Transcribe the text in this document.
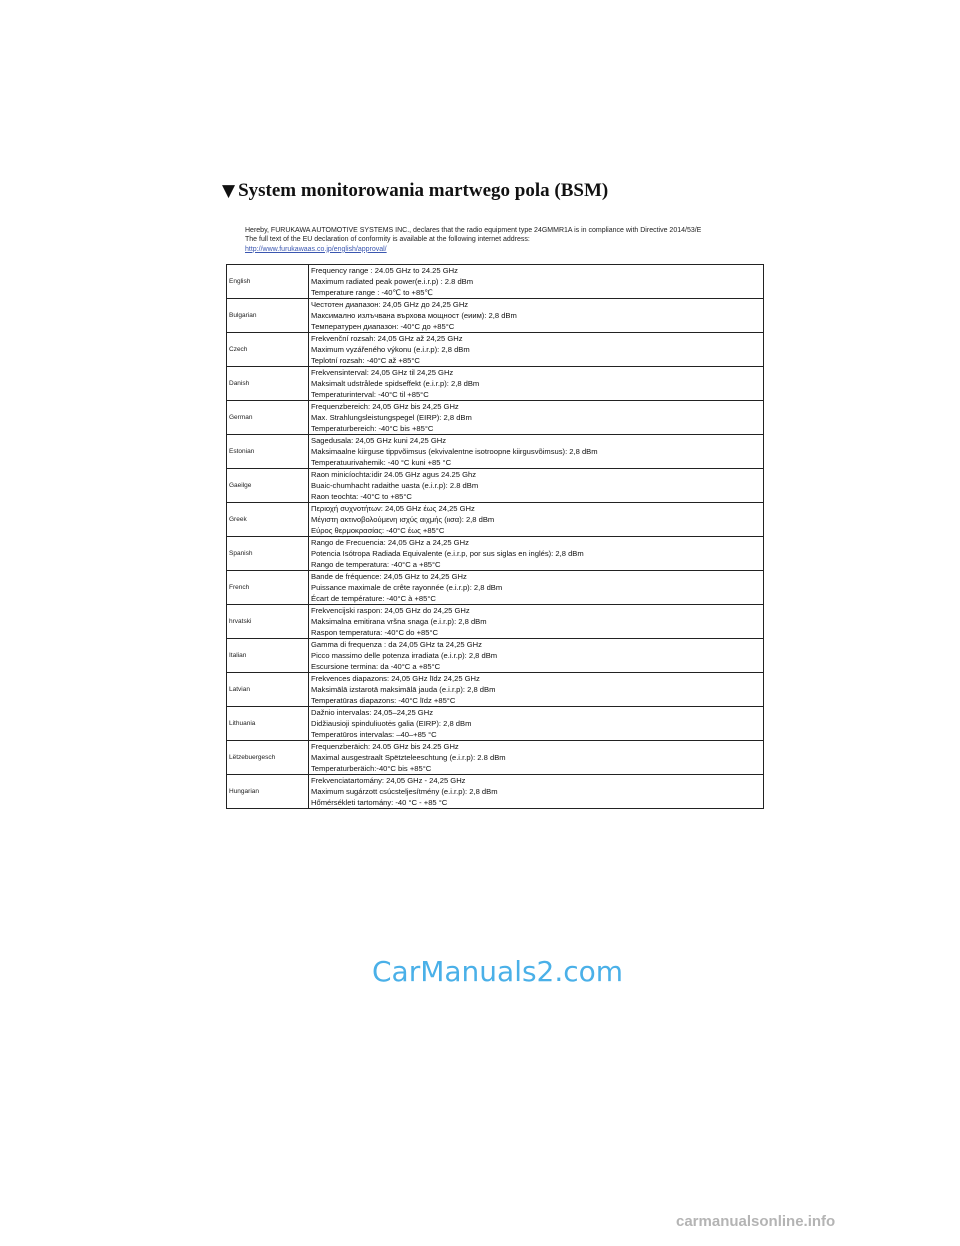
▼ System monitorowania martwego pola (BSM)
Hereby, FURUKAWA AUTOMOTIVE SYSTEMS INC., declares that the radio equipment type 24GMMR1A is in compliance with Directive 2014/53/E
The full text of the EU declaration of conformity is available at the following internet address:
http://www.furukawaas.co.jp/english/approval/
English	Frequency range : 24.05 GHz to 24.25 GHz
Maximum radiated peak power(e.i.r.p) : 2.8 dBm
Temperature range : -40℃ to +85℃

Bulgarian	Честотен диапазон: 24,05 GHz до 24,25 GHz
Максимално излъчвана върхова мощност (еиим): 2,8 dBm
Температурен диапазон: -40°C до +85°C

Czech	Frekvenční rozsah: 24,05 GHz až 24,25 GHz
Maximum vyzářeného výkonu (e.i.r.p): 2,8 dBm
Teplotní rozsah: -40°C až +85°C

Danish	Frekvensinterval: 24,05 GHz til 24,25 GHz
Maksimalt udstrålede spidseffekt (e.i.r.p): 2,8 dBm
Temperaturinterval: -40°C til +85°C

German	Frequenzbereich: 24,05 GHz bis 24,25 GHz
Max. Strahlungsleistungspegel (EIRP): 2,8 dBm
Temperaturbereich: -40°C bis +85°C

Estonian	Sagedusala: 24,05 GHz kuni 24,25 GHz
Maksimaalne kiirguse tippvõimsus (ekvivalentne isotroopne kiirgusvõimsus): 2,8 dBm
Temperatuurivahemik: -40 °C kuni +85 °C

Gaeilge	Raon minicíochta:idir 24.05 GHz agus 24.25 Ghz
Buaic-chumhacht radaithe uasta (e.i.r.p): 2.8 dBm
Raon teochta: -40°C to +85°C

Greek	Περιοχή συχνοτήτων: 24,05 GHz έως 24,25 GHz
Μέγιστη ακτινοβολούμενη ισχύς αιχμής (ιισα): 2,8 dBm
Εύρος θερμοκρασίας: -40°C έως +85°C

Spanish	Rango de Frecuencia: 24,05 GHz a 24,25 GHz
Potencia Isótropa Radiada Equivalente (e.i.r.p, por sus siglas en inglés): 2,8 dBm
Rango de temperatura: -40°C a +85°C

French	Bande de fréquence: 24,05 GHz to 24,25 GHz
Puissance maximale de crête rayonnée (e.i.r.p): 2,8 dBm
Écart de température: -40°C à +85°C

hrvatski	Frekvencijski raspon: 24,05 GHz do 24,25 GHz
Maksimalna emitirana vršna snaga (e.i.r.p): 2,8 dBm
Raspon temperatura: -40°C do +85°C

Italian	Gamma di frequenza : da 24,05 GHz ta 24,25 GHz
Picco massimo delle potenza irradiata (e.i.r.p): 2,8 dBm
Escursione termina: da -40°C a +85°C

Latvian	Frekvences diapazons: 24,05 GHz līdz 24,25 GHz
Maksimālā izstarotā maksimālā jauda (e.i.r.p): 2,8 dBm
Temperatūras diapazons: -40°C līdz +85°C

Lithuania	Dažnio intervalas: 24,05–24,25 GHz
Didžiausioji spinduliuotės galia (EIRP): 2,8 dBm
Temperatūros intervalas: –40–+85 °C

Lëtzebuergesch	Frequenzberäich: 24.05 GHz bis 24.25 GHz
Maximal ausgestraalt Spëtzteleeschtung (e.i.r.p): 2.8 dBm
Temperaturberäich:-40°C bis +85°C

Hungarian	Frekvenciatartomány: 24,05 GHz - 24,25 GHz
Maximum sugárzott csúcsteljesítmény (e.i.r.p): 2,8 dBm
Hőmérsékleti tartomány: -40 °C - +85 °C
CarManuals2.com
carmanualsonline.info
